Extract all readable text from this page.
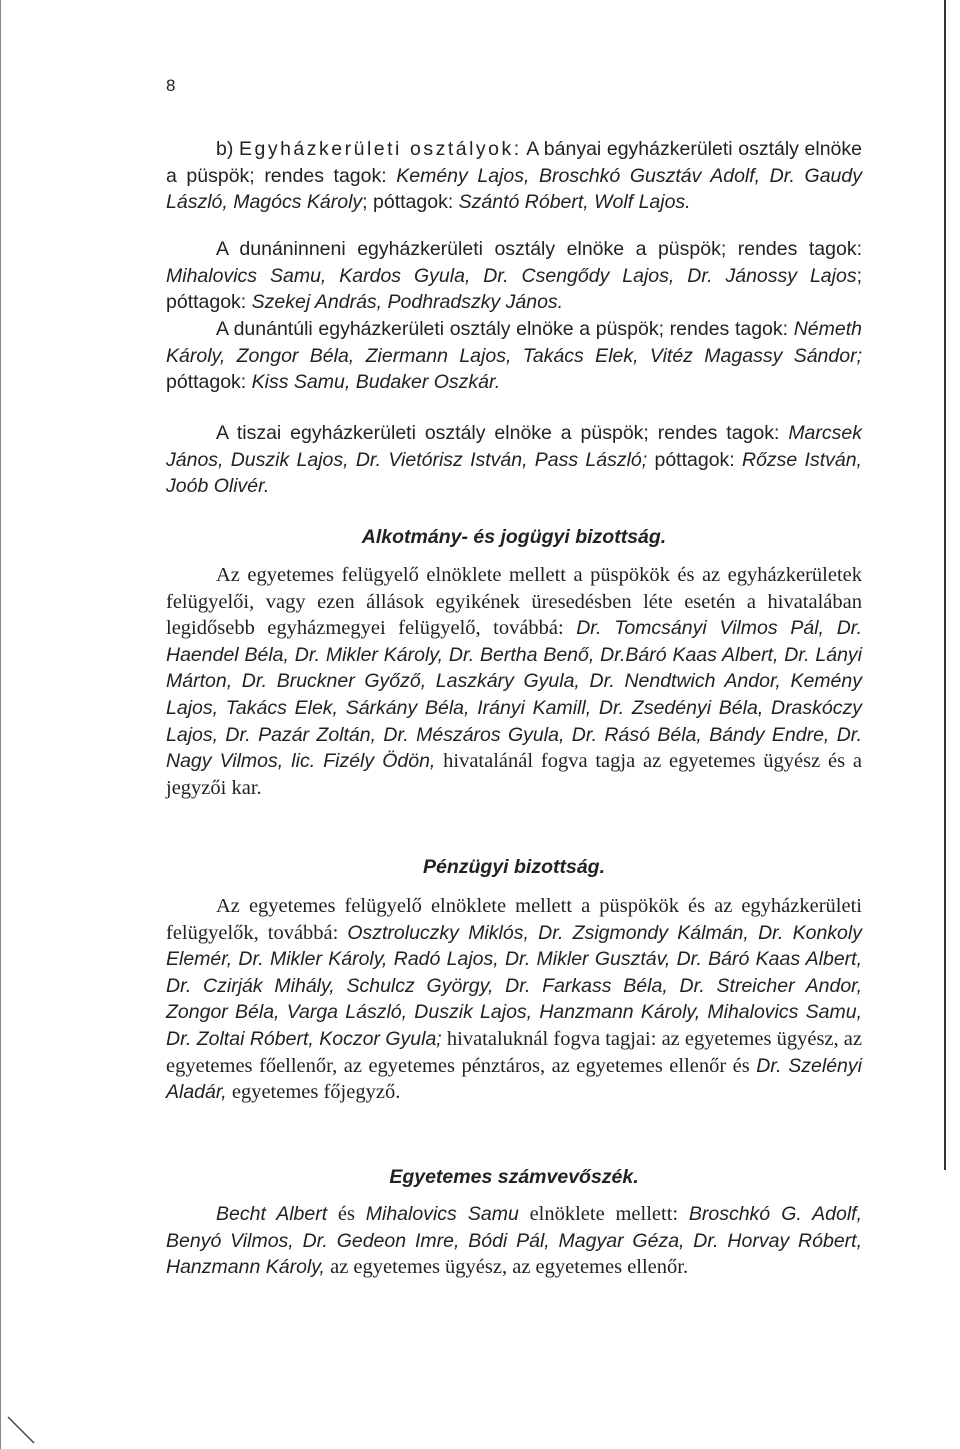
8

b) Egyházkerületi osztályok: A bányai egyházkerületi osztály elnöke a püspök; rendes tagok: Kemény Lajos, Broschkó Gusztáv Adolf, Dr. Gaudy László, Magócs Károly; póttagok: Szántó Róbert, Wolf Lajos.

A dunáninneni egyházkerületi osztály elnöke a püspök; rendes tagok: Mihalovics Samu, Kardos Gyula, Dr. Csengődy Lajos, Dr. Jánossy Lajos; póttagok: Szekej András, Podhradszky János.

A dunántúli egyházkerületi osztály elnöke a püspök; rendes tagok: Németh Károly, Zongor Béla, Ziermann Lajos, Takács Elek, Vitéz Magassy Sándor; póttagok: Kiss Samu, Budaker Oszkár.

A tiszai egyházkerületi osztály elnöke a püspök; rendes tagok: Marcsek János, Duszik Lajos, Dr. Vietórisz István, Pass László; póttagok: Rőzse István, Joób Olivér.

Alkotmány- és jogügyi bizottság.

Az egyetemes felügyelő elnöklete mellett a püspökök és az egyházkerületek felügyelői, vagy ezen állások egyikének üresedésben léte esetén a hivatalában legidősebb egyházmegyei felügyelő, továbbá: Dr. Tomcsányi Vilmos Pál, Dr. Haendel Béla, Dr. Mikler Károly, Dr. Bertha Benő, Dr.Báró Kaas Albert, Dr. Lányi Márton, Dr. Bruckner Győző, Laszkáry Gyula, Dr. Nendtwich Andor, Kemény Lajos, Takács Elek, Sárkány Béla, Irányi Kamill, Dr. Zsedényi Béla, Draskóczy Lajos, Dr. Pazár Zoltán, Dr. Mészáros Gyula, Dr. Rásó Béla, Bándy Endre, Dr. Nagy Vilmos, lic. Fizély Ödön, hivatalánál fogva tagja az egyetemes ügyész és a jegyzői kar.

Pénzügyi bizottság.

Az egyetemes felügyelő elnöklete mellett a püspökök és az egyházkerületi felügyelők, továbbá: Osztroluczky Miklós, Dr. Zsigmondy Kálmán, Dr. Konkoly Elemér, Dr. Mikler Károly, Radó Lajos, Dr. Mikler Gusztáv, Dr. Báró Kaas Albert, Dr. Czirják Mihály, Schulcz György, Dr. Farkass Béla, Dr. Streicher Andor, Zongor Béla, Varga László, Duszik Lajos, Hanzmann Károly, Mihalovics Samu, Dr. Zoltai Róbert, Koczor Gyula; hivataluknál fogva tagjai: az egyetemes ügyész, az egyetemes főellenőr, az egyetemes pénztáros, az egyetemes ellenőr és Dr. Szelényi Aladár, egyetemes főjegyző.

Egyetemes számvevőszék.

Becht Albert és Mihalovics Samu elnöklete mellett: Broschkó G. Adolf, Benyó Vilmos, Dr. Gedeon Imre, Bódi Pál, Magyar Géza, Dr. Horvay Róbert, Hanzmann Károly, az egyetemes ügyész, az egyetemes ellenőr.
